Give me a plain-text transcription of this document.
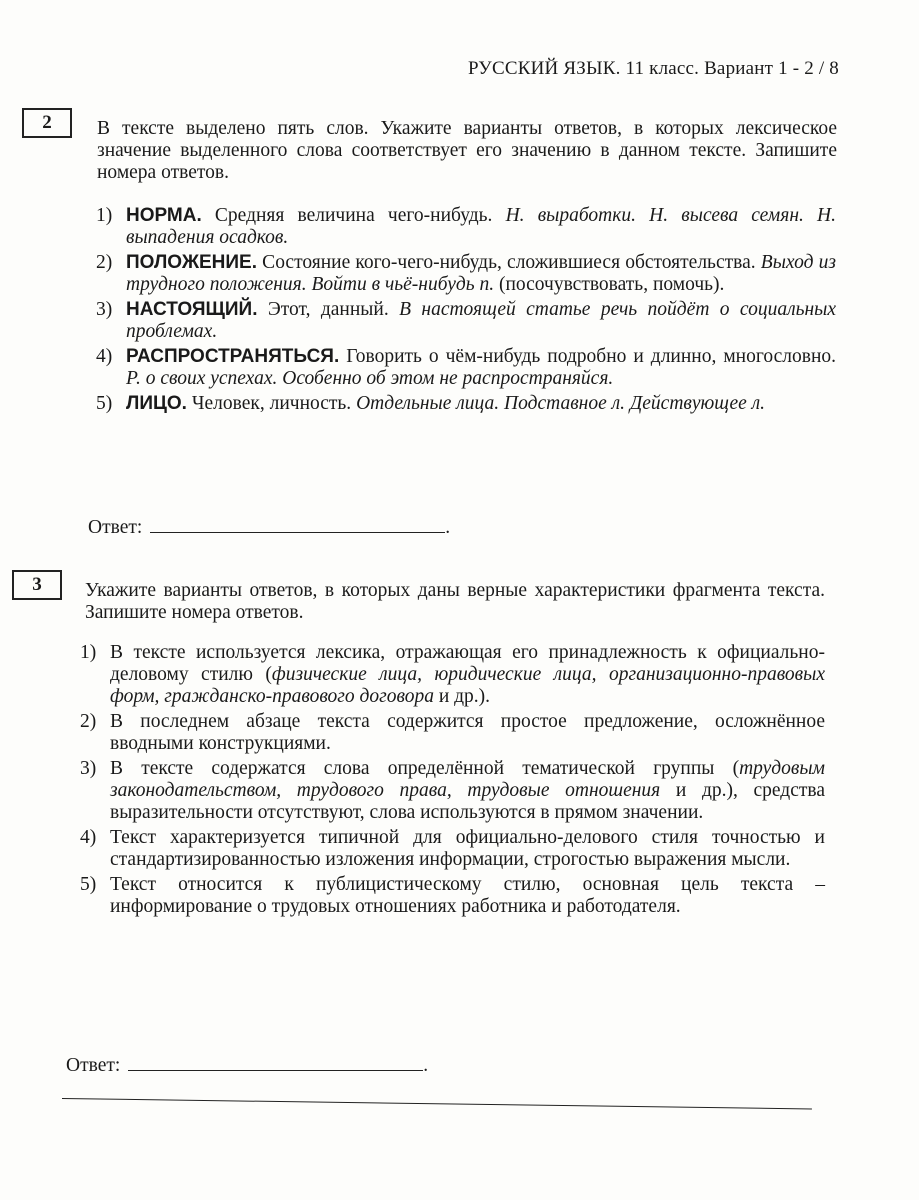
РУССКИЙ ЯЗЫК. 11 класс. Вариант 1 - 2 / 8
2	В тексте выделено пять слов. Укажите варианты ответов, в которых лексическое значение выделенного слова соответствует его значению в данном тексте. Запишите номера ответов.
1) НОРМА. Средняя величина чего-нибудь. Н. выработки. Н. высева семян. Н. выпадения осадков.
2) ПОЛОЖЕНИЕ. Состояние кого-чего-нибудь, сложившиеся обстоятельства. Выход из трудного положения. Войти в чьё-нибудь п. (посочувствовать, помочь).
3) НАСТОЯЩИЙ. Этот, данный. В настоящей статье речь пойдёт о социальных проблемах.
4) РАСПРОСТРАНЯТЬСЯ. Говорить о чём-нибудь подробно и длинно, многословно. Р. о своих успехах. Особенно об этом не распространяйся.
5) ЛИЦО. Человек, личность. Отдельные лица. Подставное л. Действующее л.
Ответ:	.
3	Укажите варианты ответов, в которых даны верные характеристики фрагмента текста. Запишите номера ответов.
1) В тексте используется лексика, отражающая его принадлежность к официально-деловому стилю (физические лица, юридические лица, организационно-правовых форм, гражданско-правового договора и др.).
2) В последнем абзаце текста содержится простое предложение, осложнённое вводными конструкциями.
3) В тексте содержатся слова определённой тематической группы (трудовым законодательством, трудового права, трудовые отношения и др.), средства выразительности отсутствуют, слова используются в прямом значении.
4) Текст характеризуется типичной для официально-делового стиля точностью и стандартизированностью изложения информации, строгостью выражения мысли.
5) Текст относится к публицистическому стилю, основная цель текста – информирование о трудовых отношениях работника и работодателя.
Ответ:	.
